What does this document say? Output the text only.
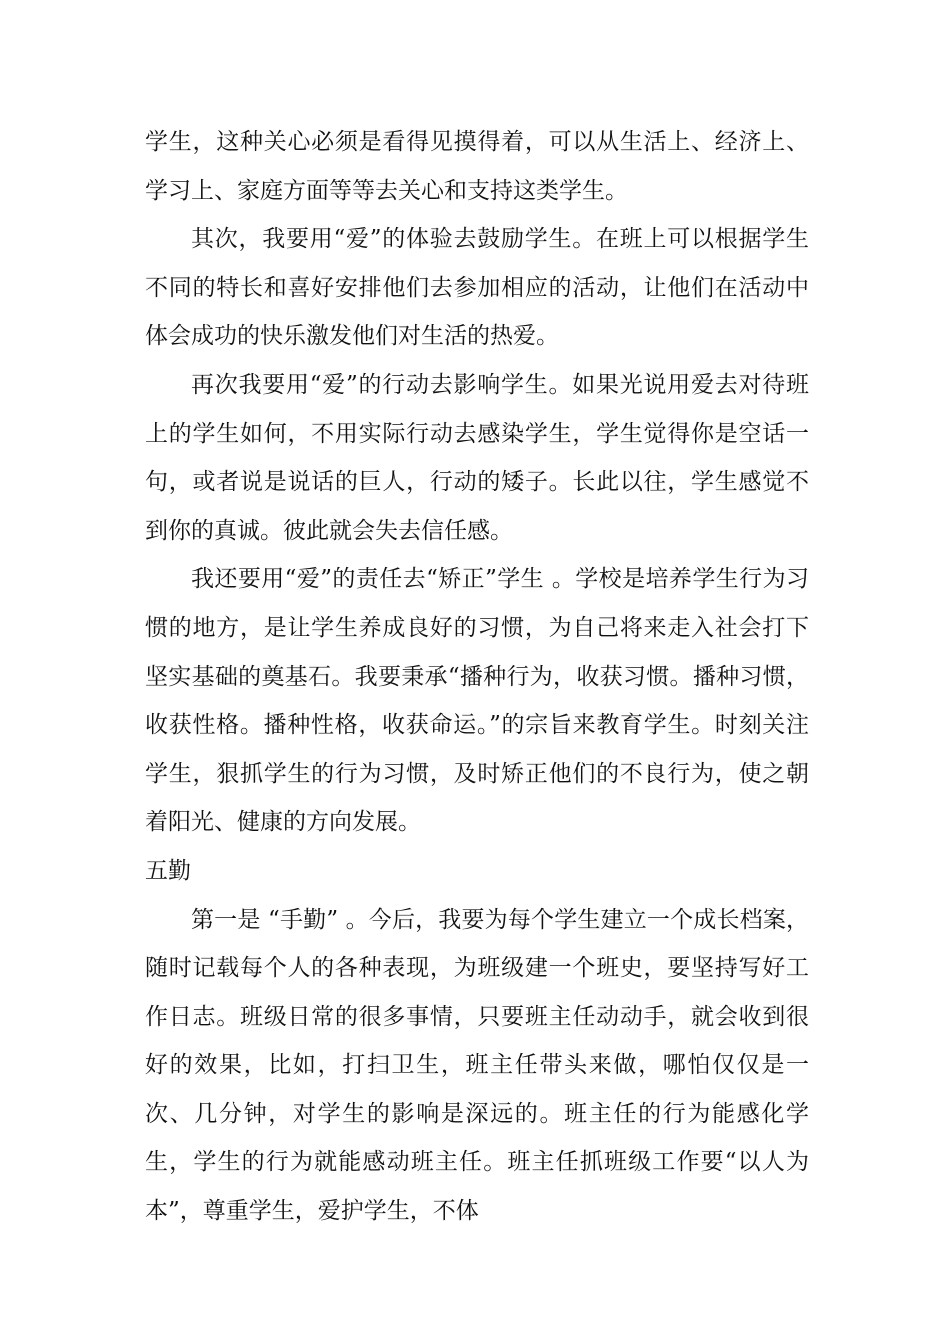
学生，这种关心必须是看得见摸得着，可以从生活上、经济上、学习上、家庭方面等等去关心和支持这类学生。

其次，我要用“爱”的体验去鼓励学生。在班上可以根据学生不同的特长和喜好安排他们去参加相应的活动，让他们在活动中体会成功的快乐激发他们对生活的热爱。

再次我要用“爱”的行动去影响学生。如果光说用爱去对待班上的学生如何，不用实际行动去感染学生，学生觉得你是空话一句，或者说是说话的巨人，行动的矮子。长此以往，学生感觉不到你的真诚。彼此就会失去信任感。

我还要用“爱”的责任去“矫正”学生 。学校是培养学生行为习惯的地方，是让学生养成良好的习惯，为自己将来走入社会打下坚实基础的奠基石。我要秉承“播种行为，收获习惯。播种习惯，收获性格。播种性格，收获命运。”的宗旨来教育学生。时刻关注学生，狠抓学生的行为习惯，及时矫正他们的不良行为，使之朝着阳光、健康的方向发展。

五勤

第一是 “手勤” 。今后，我要为每个学生建立一个成长档案，随时记载每个人的各种表现，为班级建一个班史，要坚持写好工作日志。班级日常的很多事情，只要班主任动动手，就会收到很好的效果，比如，打扫卫生，班主任带头来做，哪怕仅仅是一次、几分钟，对学生的影响是深远的。班主任的行为能感化学生，学生的行为就能感动班主任。班主任抓班级工作要“以人为本”，尊重学生，爱护学生，不体
